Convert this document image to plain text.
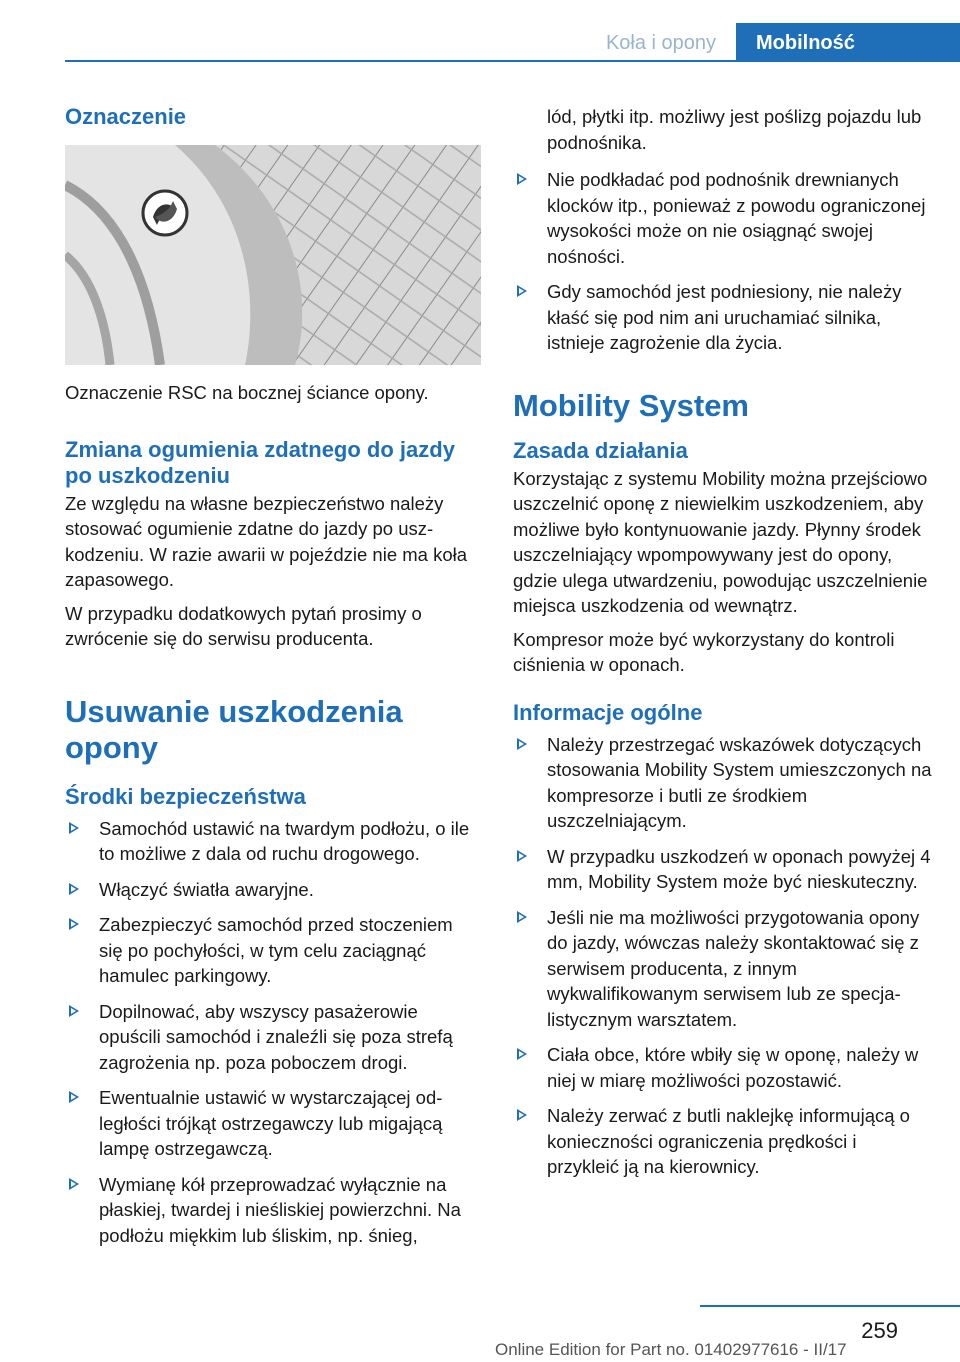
Koła i opony	Mobilność
Oznaczenie

Oznaczenie RSC na bocznej ściance opony.

Zmiana ogumienia zdatnego do jazdy po uszkodzeniu

Ze względu na własne bezpieczeństwo należy stosować ogumienie zdatne do jazdy po uszkodzeniu. W razie awarii w pojeździe nie ma koła zapasowego.

W przypadku dodatkowych pytań prosimy o zwrócenie się do serwisu producenta.

Usuwanie uszkodzenia opony
Środki bezpieczeństwa
Samochód ustawić na twardym podłożu, o ile to możliwe z dala od ruchu drogowego.
Włączyć światła awaryjne.
Zabezpieczyć samochód przed stoczeniem się po pochyłości, w tym celu zaciągnąć hamulec parkingowy.
Dopilnować, aby wszyscy pasażerowie opuścili samochód i znaleźli się poza strefą zagrożenia np. poza poboczem drogi.
Ewentualnie ustawić w wystarczającej odległości trójkąt ostrzegawczy lub migającą lampę ostrzegawczą.
Wymianę kół przeprowadzać wyłącznie na płaskiej, twardej i nieśliskiej powierzchni. Na podłożu miękkim lub śliskim, np. śnieg,

lód, płytki itp. możliwy jest poślizg pojazdu lub podnośnika.

Nie podkładać pod podnośnik drewnianych klocków itp., ponieważ z powodu ograniczonej wysokości może on nie osiągnąć swojej nośności.
Gdy samochód jest podniesiony, nie należy kłaść się pod nim ani uruchamiać silnika, istnieje zagrożenie dla życia.
Mobility System
Zasada działania

Korzystając z systemu Mobility można przejściowo uszczelnić oponę z niewielkim uszkodzeniem, aby możliwe było kontynuowanie jazdy. Płynny środek uszczelniający wpompowywany jest do opony, gdzie ulega utwardzeniu, powodując uszczelnienie miejsca uszkodzenia od wewnątrz.

Kompresor może być wykorzystany do kontroli ciśnienia w oponach.

Informacje ogólne
Należy przestrzegać wskazówek dotyczących stosowania Mobility System umieszczonych na kompresorze i butli ze środkiem uszczelniającym.
W przypadku uszkodzeń w oponach powyżej 4 mm, Mobility System może być nieskuteczny.
Jeśli nie ma możliwości przygotowania opony do jazdy, wówczas należy skontaktować się z serwisem producenta, z innym wykwalifikowanym serwisem lub ze specjalistycznym warsztatem.
Ciała obce, które wbiły się w oponę, należy w niej w miarę możliwości pozostawić.
Należy zerwać z butli naklejkę informującą o konieczności ograniczenia prędkości i przykleić ją na kierownicy.
259
Online Edition for Part no. 01402977616 - II/17
